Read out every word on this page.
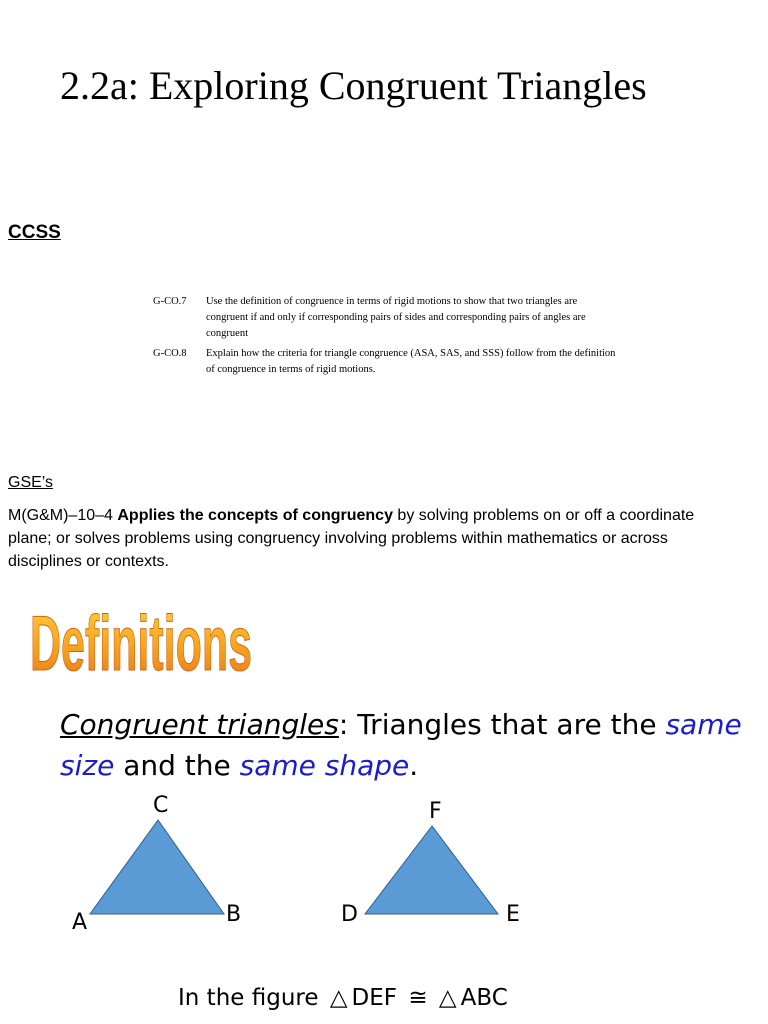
2.2a: Exploring Congruent Triangles
CCSS
G-CO.7 Use the definition of congruence in terms of rigid motions to show that two triangles are congruent if and only if corresponding pairs of sides and corresponding pairs of angles are congruent
G-CO.8 Explain how the criteria for triangle congruence (ASA, SAS, and SSS) follow from the definition of congruence in terms of rigid motions.
GSE’s
M(G&M)–10–4 Applies the concepts of congruency by solving problems on or off a coordinate plane; or solves problems using congruency involving problems within mathematics or across disciplines or contexts.
Definitions
Congruent triangles: Triangles that are the same size and the same shape.
C
A	B
F
D	E
In the figure △ DEF ≅ △ ABC
